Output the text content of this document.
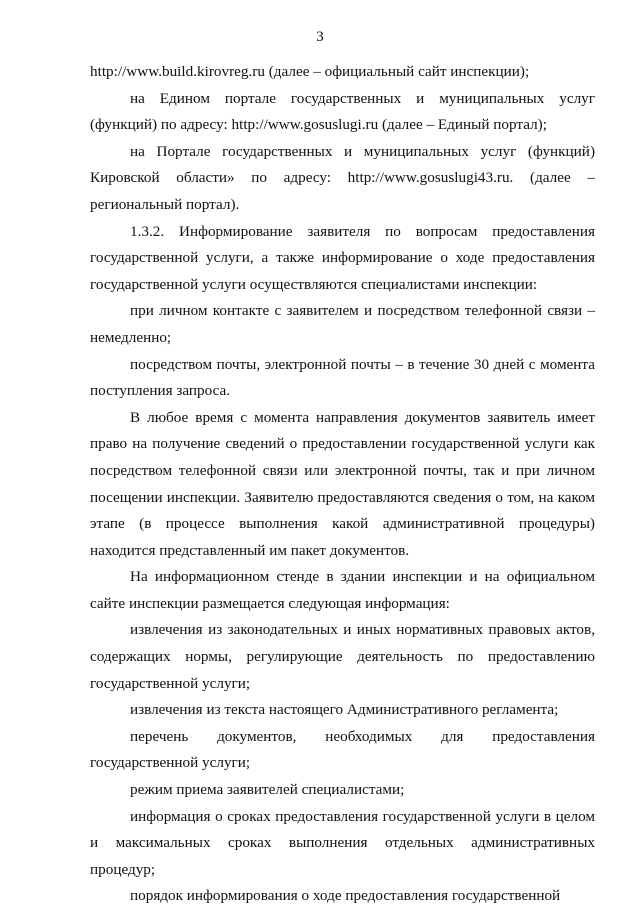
3

http://www.build.kirovreg.ru (далее – официальный сайт инспекции);

на Едином портале государственных и муниципальных услуг (функций) по адресу: http://www.gosuslugi.ru (далее – Единый портал);

на Портале государственных и муниципальных услуг (функций) Кировской области» по адресу: http://www.gosuslugi43.ru. (далее – региональный портал).

1.3.2. Информирование заявителя по вопросам предоставления государственной услуги, а также информирование о ходе предоставления государственной услуги осуществляются специалистами инспекции:

при личном контакте с заявителем и посредством телефонной связи – немедленно;

посредством почты, электронной почты – в течение 30 дней с момента поступления запроса.

В любое время с момента направления документов заявитель имеет право на получение сведений о предоставлении государственной услуги как посредством телефонной связи или электронной почты, так и при личном посещении инспекции. Заявителю предоставляются сведения о том, на каком этапе (в процессе выполнения какой административной процедуры) находится представленный им пакет документов.

На информационном стенде в здании инспекции и на официальном сайте инспекции размещается следующая информация:

извлечения из законодательных и иных нормативных правовых актов, содержащих нормы, регулирующие деятельность по предоставлению государственной услуги;

извлечения из текста настоящего Административного регламента;

перечень документов, необходимых для предоставления государственной услуги;

режим приема заявителей специалистами;

информация о сроках предоставления государственной услуги в целом и максимальных сроках выполнения отдельных административных процедур;

порядок информирования о ходе предоставления государственной
